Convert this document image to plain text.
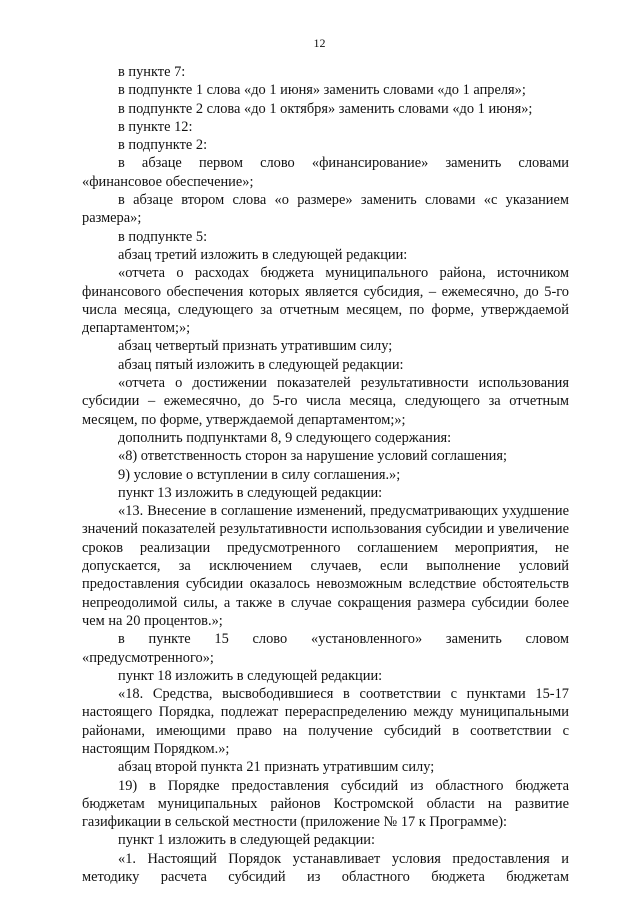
12

в пункте 7:

в подпункте 1 слова «до 1 июня» заменить словами «до 1 апреля»;

в подпункте 2 слова «до 1 октября» заменить словами «до 1 июня»;

в пункте 12:

в подпункте 2:

в абзаце первом слово «финансирование» заменить словами «финансовое обеспечение»;

в абзаце втором слова «о размере» заменить словами «с указанием размера»;

в подпункте 5:

абзац третий изложить в следующей редакции:

«отчета о расходах бюджета муниципального района, источником финансового обеспечения которых является субсидия, – ежемесячно, до 5-го числа месяца, следующего за отчетным месяцем, по форме, утверждаемой департаментом;»;

абзац четвертый признать утратившим силу;

абзац пятый изложить в следующей редакции:

«отчета о достижении показателей результативности использования субсидии – ежемесячно, до 5-го числа месяца, следующего за отчетным месяцем, по форме, утверждаемой департаментом;»;

дополнить подпунктами 8, 9 следующего содержания:

«8) ответственность сторон за нарушение условий соглашения;

9) условие о вступлении в силу соглашения.»;

пункт 13 изложить в следующей редакции:

«13. Внесение в соглашение изменений, предусматривающих ухудшение значений показателей результативности использования субсидии и увеличение сроков реализации предусмотренного соглашением мероприятия, не допускается, за исключением случаев, если выполнение условий предоставления субсидии оказалось невозможным вследствие обстоятельств непреодолимой силы, а также в случае сокращения размера субсидии более чем на 20 процентов.»;

в пункте 15 слово «установленного» заменить словом «предусмотренного»;

пункт 18 изложить в следующей редакции:

«18. Средства, высвободившиеся в соответствии с пунктами 15-17 настоящего Порядка, подлежат перераспределению между муниципальными районами, имеющими право на получение субсидий в соответствии с настоящим Порядком.»;

абзац второй пункта 21 признать утратившим силу;

19) в Порядке предоставления субсидий из областного бюджета бюджетам муниципальных районов Костромской области на развитие газификации в сельской местности (приложение № 17 к Программе):

пункт 1 изложить в следующей редакции:

«1. Настоящий Порядок устанавливает условия предоставления и методику расчета субсидий из областного бюджета бюджетам
